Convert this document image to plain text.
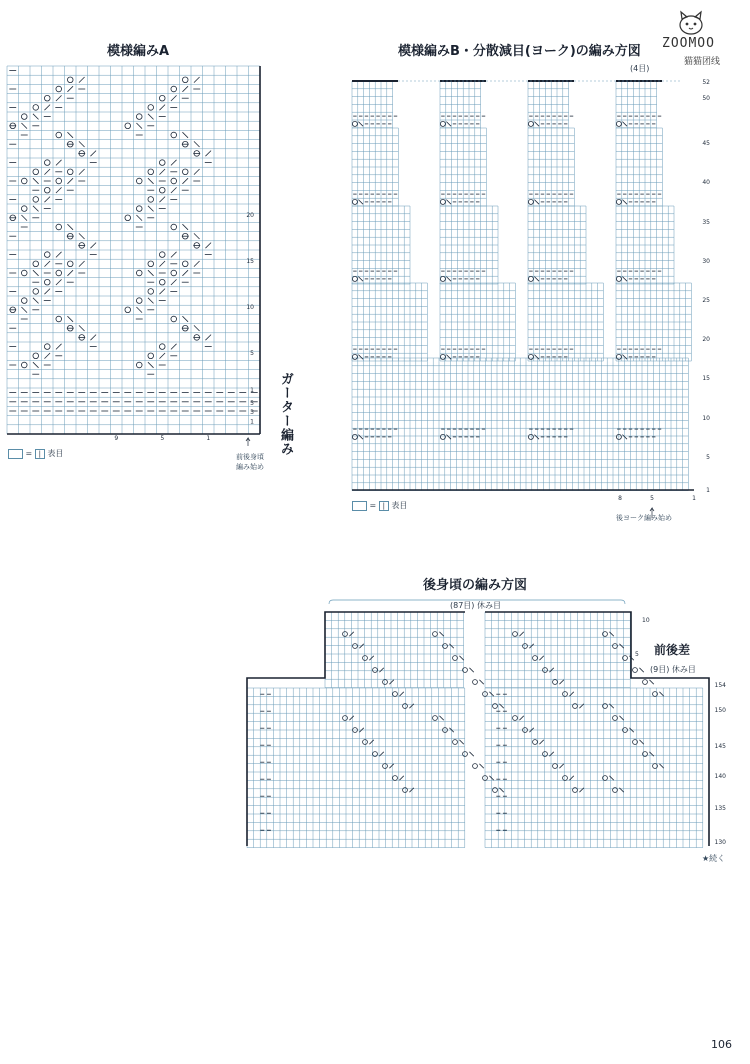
ZOOMOO
猫猫团线
模様編みA
20
15
10
5
1
5
3
1
9	5	1	ガーター編み
前後身頃
編み始め
= | 表目
模様編みB・分散減目(ヨーク)の編み方図
(4目)
52
50
45
40
35
30
25
20
15
10
5
1
8	5	1
後ヨーク編み始め
= | 表目
後身頃の編み方図
(87目) 休み目
10
5
154
150
145
140
135
130
前後差
(9目) 休み目
★続く
106
